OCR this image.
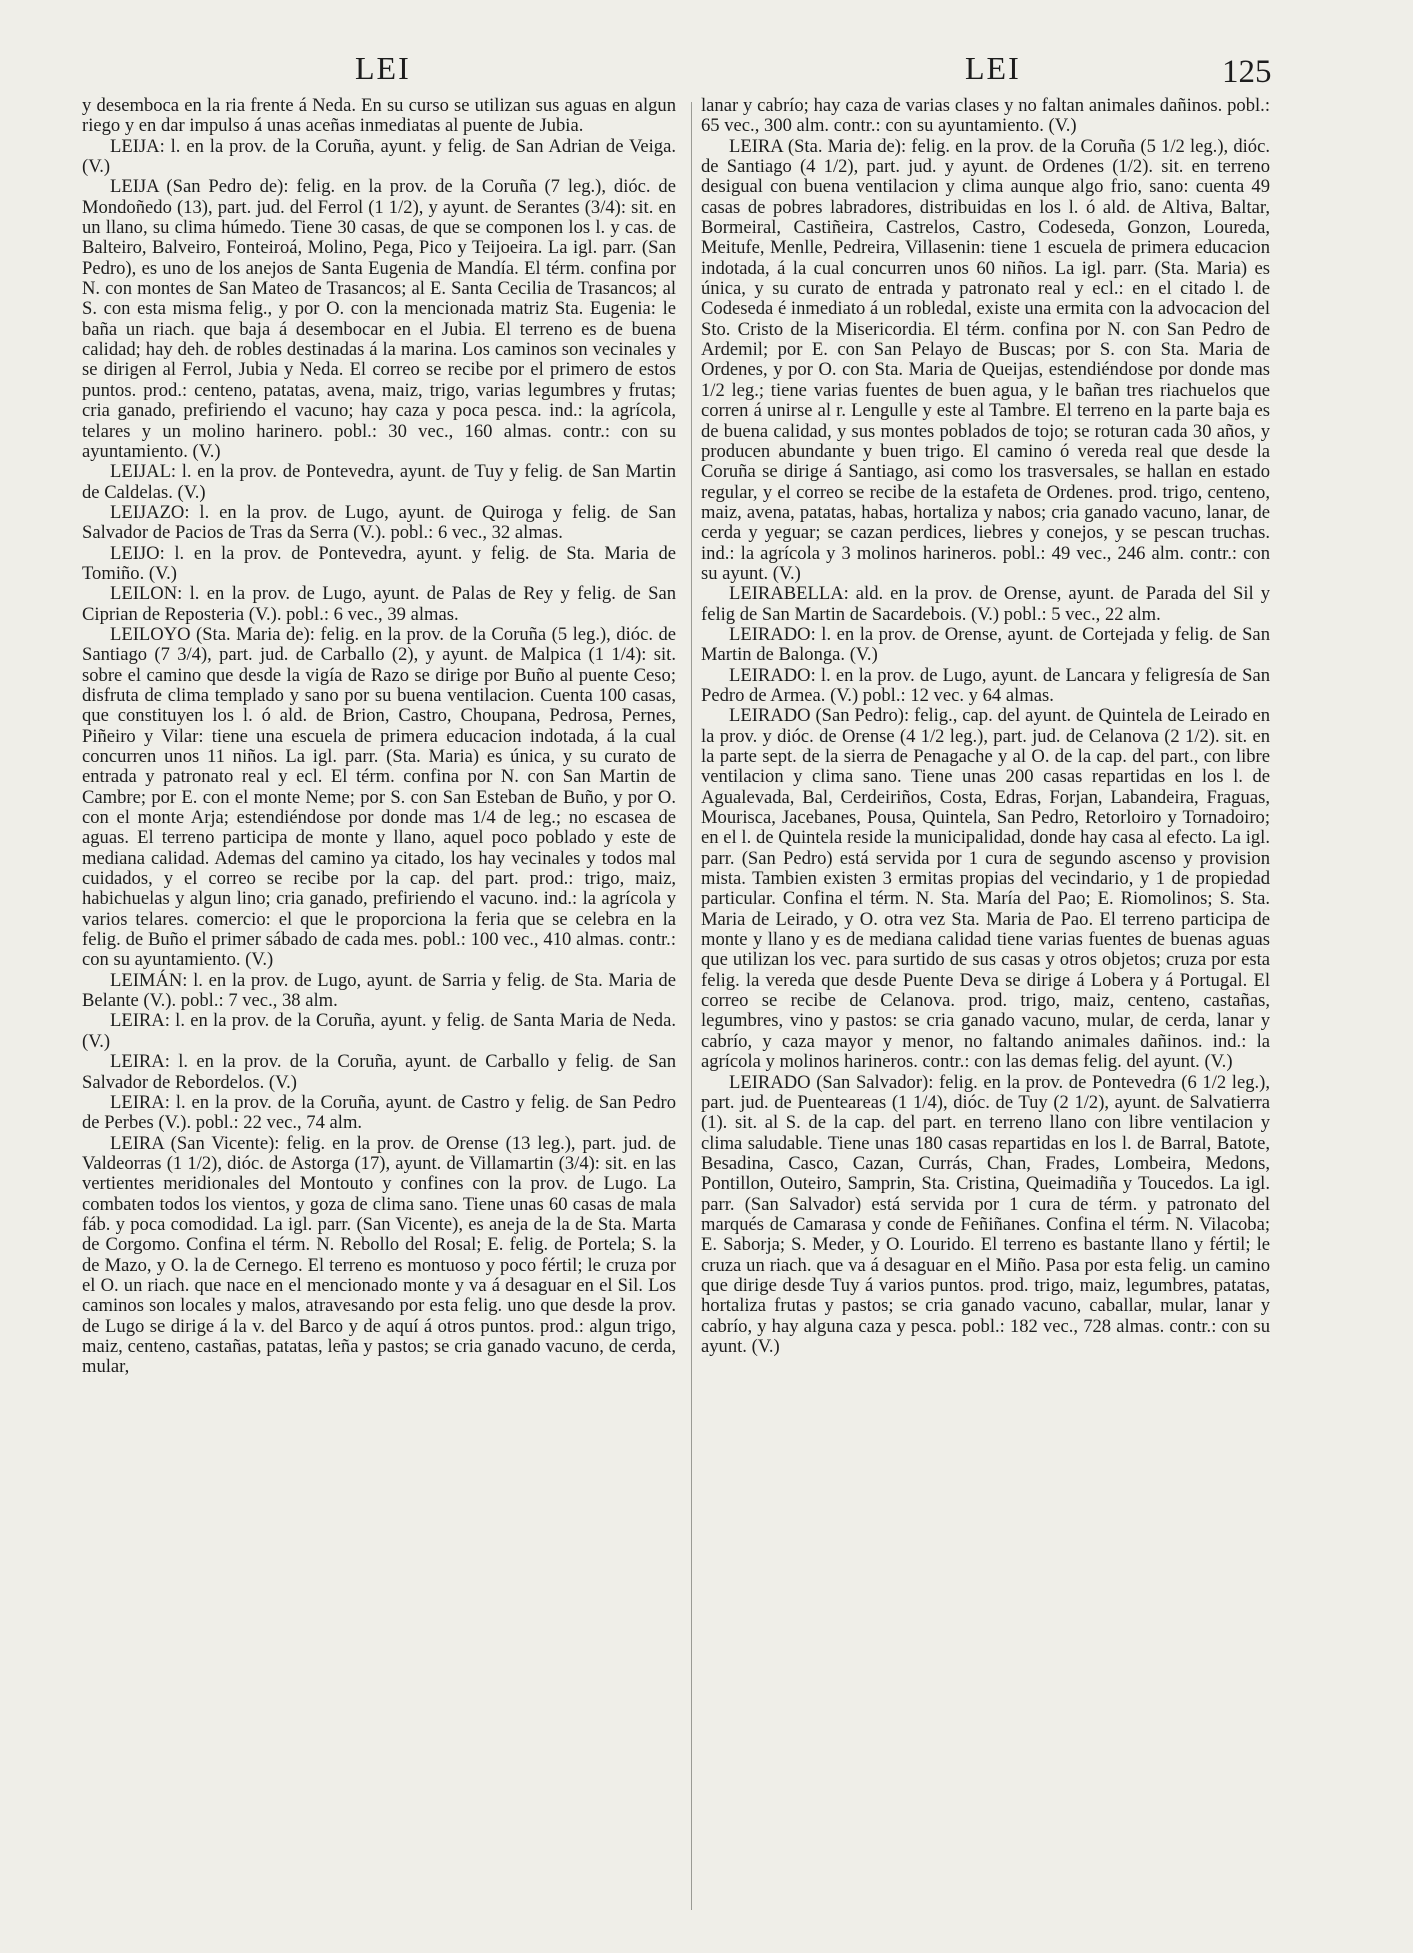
LEI	LEI	125

y desemboca en la ria frente á Neda. En su curso se utilizan sus aguas en algun riego y en dar impulso á unas aceñas inmediatas al puente de Jubia.

LEIJA: l. en la prov. de la Coruña, ayunt. y felig. de San Adrian de Veiga. (V.)

LEIJA (San Pedro de): felig. en la prov. de la Coruña (7 leg.), dióc. de Mondoñedo (13), part. jud. del Ferrol (1 1/2), y ayunt. de Serantes (3/4): sit. en un llano, su clima húmedo. Tiene 30 casas, de que se componen los l. y cas. de Balteiro, Balveiro, Fonteiroá, Molino, Pega, Pico y Teijoeira. La igl. parr. (San Pedro), es uno de los anejos de Santa Eugenia de Mandía. El térm. confina por N. con montes de San Mateo de Trasancos; al E. Santa Cecilia de Trasancos; al S. con esta misma felig., y por O. con la mencionada matriz Sta. Eugenia: le baña un riach. que baja á desembocar en el Jubia. El terreno es de buena calidad; hay deh. de robles destinadas á la marina. Los caminos son vecinales y se dirigen al Ferrol, Jubia y Neda. El correo se recibe por el primero de estos puntos. prod.: centeno, patatas, avena, maiz, trigo, varias legumbres y frutas; cria ganado, prefiriendo el vacuno; hay caza y poca pesca. ind.: la agrícola, telares y un molino harinero. pobl.: 30 vec., 160 almas. contr.: con su ayuntamiento. (V.)

LEIJAL: l. en la prov. de Pontevedra, ayunt. de Tuy y felig. de San Martin de Caldelas. (V.)

LEIJAZO: l. en la prov. de Lugo, ayunt. de Quiroga y felig. de San Salvador de Pacios de Tras da Serra (V.). pobl.: 6 vec., 32 almas.

LEIJO: l. en la prov. de Pontevedra, ayunt. y felig. de Sta. Maria de Tomiño. (V.)

LEILON: l. en la prov. de Lugo, ayunt. de Palas de Rey y felig. de San Ciprian de Reposteria (V.). pobl.: 6 vec., 39 almas.

LEILOYO (Sta. Maria de): felig. en la prov. de la Coruña (5 leg.), dióc. de Santiago (7 3/4), part. jud. de Carballo (2), y ayunt. de Malpica (1 1/4): sit. sobre el camino que desde la vigía de Razo se dirige por Buño al puente Ceso; disfruta de clima templado y sano por su buena ventilacion. Cuenta 100 casas, que constituyen los l. ó ald. de Brion, Castro, Choupana, Pedrosa, Pernes, Piñeiro y Vilar: tiene una escuela de primera educacion indotada, á la cual concurren unos 11 niños. La igl. parr. (Sta. Maria) es única, y su curato de entrada y patronato real y ecl. El térm. confina por N. con San Martin de Cambre; por E. con el monte Neme; por S. con San Esteban de Buño, y por O. con el monte Arja; estendiéndose por donde mas 1/4 de leg.; no escasea de aguas. El terreno participa de monte y llano, aquel poco poblado y este de mediana calidad. Ademas del camino ya citado, los hay vecinales y todos mal cuidados, y el correo se recibe por la cap. del part. prod.: trigo, maiz, habichuelas y algun lino; cria ganado, prefiriendo el vacuno. ind.: la agrícola y varios telares. comercio: el que le proporciona la feria que se celebra en la felig. de Buño el primer sábado de cada mes. pobl.: 100 vec., 410 almas. contr.: con su ayuntamiento. (V.)

LEIMÁN: l. en la prov. de Lugo, ayunt. de Sarria y felig. de Sta. Maria de Belante (V.). pobl.: 7 vec., 38 alm.

LEIRA: l. en la prov. de la Coruña, ayunt. y felig. de Santa Maria de Neda. (V.)

LEIRA: l. en la prov. de la Coruña, ayunt. de Carballo y felig. de San Salvador de Rebordelos. (V.)

LEIRA: l. en la prov. de la Coruña, ayunt. de Castro y felig. de San Pedro de Perbes (V.). pobl.: 22 vec., 74 alm.

LEIRA (San Vicente): felig. en la prov. de Orense (13 leg.), part. jud. de Valdeorras (1 1/2), dióc. de Astorga (17), ayunt. de Villamartin (3/4): sit. en las vertientes meridionales del Montouto y confines con la prov. de Lugo. La combaten todos los vientos, y goza de clima sano. Tiene unas 60 casas de mala fáb. y poca comodidad. La igl. parr. (San Vicente), es aneja de la de Sta. Marta de Corgomo. Confina el térm. N. Rebollo del Rosal; E. felig. de Portela; S. la de Mazo, y O. la de Cernego. El terreno es montuoso y poco fértil; le cruza por el O. un riach. que nace en el mencionado monte y va á desaguar en el Sil. Los caminos son locales y malos, atravesando por esta felig. uno que desde la prov. de Lugo se dirige á la v. del Barco y de aquí á otros puntos. prod.: algun trigo, maiz, centeno, castañas, patatas, leña y pastos; se cria ganado vacuno, de cerda, mular,

lanar y cabrío; hay caza de varias clases y no faltan animales dañinos. pobl.: 65 vec., 300 alm. contr.: con su ayuntamiento. (V.)

LEIRA (Sta. Maria de): felig. en la prov. de la Coruña (5 1/2 leg.), dióc. de Santiago (4 1/2), part. jud. y ayunt. de Ordenes (1/2). sit. en terreno desigual con buena ventilacion y clima aunque algo frio, sano: cuenta 49 casas de pobres labradores, distribuidas en los l. ó ald. de Altiva, Baltar, Bormeiral, Castiñeira, Castrelos, Castro, Codeseda, Gonzon, Loureda, Meitufe, Menlle, Pedreira, Villasenin: tiene 1 escuela de primera educacion indotada, á la cual concurren unos 60 niños. La igl. parr. (Sta. Maria) es única, y su curato de entrada y patronato real y ecl.: en el citado l. de Codeseda é inmediato á un robledal, existe una ermita con la advocacion del Sto. Cristo de la Misericordia. El térm. confina por N. con San Pedro de Ardemil; por E. con San Pelayo de Buscas; por S. con Sta. Maria de Ordenes, y por O. con Sta. Maria de Queijas, estendiéndose por donde mas 1/2 leg.; tiene varias fuentes de buen agua, y le bañan tres riachuelos que corren á unirse al r. Lengulle y este al Tambre. El terreno en la parte baja es de buena calidad, y sus montes poblados de tojo; se roturan cada 30 años, y producen abundante y buen trigo. El camino ó vereda real que desde la Coruña se dirige á Santiago, asi como los trasversales, se hallan en estado regular, y el correo se recibe de la estafeta de Ordenes. prod. trigo, centeno, maiz, avena, patatas, habas, hortaliza y nabos; cria ganado vacuno, lanar, de cerda y yeguar; se cazan perdices, liebres y conejos, y se pescan truchas. ind.: la agrícola y 3 molinos harineros. pobl.: 49 vec., 246 alm. contr.: con su ayunt. (V.)

LEIRABELLA: ald. en la prov. de Orense, ayunt. de Parada del Sil y felig de San Martin de Sacardebois. (V.) pobl.: 5 vec., 22 alm.

LEIRADO: l. en la prov. de Orense, ayunt. de Cortejada y felig. de San Martin de Balonga. (V.)

LEIRADO: l. en la prov. de Lugo, ayunt. de Lancara y feligresía de San Pedro de Armea. (V.) pobl.: 12 vec. y 64 almas.

LEIRADO (San Pedro): felig., cap. del ayunt. de Quintela de Leirado en la prov. y dióc. de Orense (4 1/2 leg.), part. jud. de Celanova (2 1/2). sit. en la parte sept. de la sierra de Penagache y al O. de la cap. del part., con libre ventilacion y clima sano. Tiene unas 200 casas repartidas en los l. de Agualevada, Bal, Cerdeiriños, Costa, Edras, Forjan, Labandeira, Fraguas, Mourisca, Jacebanes, Pousa, Quintela, San Pedro, Retorloiro y Tornadoiro; en el l. de Quintela reside la municipalidad, donde hay casa al efecto. La igl. parr. (San Pedro) está servida por 1 cura de segundo ascenso y provision mista. Tambien existen 3 ermitas propias del vecindario, y 1 de propiedad particular. Confina el térm. N. Sta. María del Pao; E. Riomolinos; S. Sta. Maria de Leirado, y O. otra vez Sta. Maria de Pao. El terreno participa de monte y llano y es de mediana calidad tiene varias fuentes de buenas aguas que utilizan los vec. para surtido de sus casas y otros objetos; cruza por esta felig. la vereda que desde Puente Deva se dirige á Lobera y á Portugal. El correo se recibe de Celanova. prod. trigo, maiz, centeno, castañas, legumbres, vino y pastos: se cria ganado vacuno, mular, de cerda, lanar y cabrío, y caza mayor y menor, no faltando animales dañinos. ind.: la agrícola y molinos harineros. contr.: con las demas felig. del ayunt. (V.)

LEIRADO (San Salvador): felig. en la prov. de Pontevedra (6 1/2 leg.), part. jud. de Puenteareas (1 1/4), dióc. de Tuy (2 1/2), ayunt. de Salvatierra (1). sit. al S. de la cap. del part. en terreno llano con libre ventilacion y clima saludable. Tiene unas 180 casas repartidas en los l. de Barral, Batote, Besadina, Casco, Cazan, Currás, Chan, Frades, Lombeira, Medons, Pontillon, Outeiro, Samprin, Sta. Cristina, Queimadiña y Toucedos. La igl. parr. (San Salvador) está servida por 1 cura de térm. y patronato del marqués de Camarasa y conde de Feñiñanes. Confina el térm. N. Vilacoba; E. Saborja; S. Meder, y O. Lourido. El terreno es bastante llano y fértil; le cruza un riach. que va á desaguar en el Miño. Pasa por esta felig. un camino que dirige desde Tuy á varios puntos. prod. trigo, maiz, legumbres, patatas, hortaliza frutas y pastos; se cria ganado vacuno, caballar, mular, lanar y cabrío, y hay alguna caza y pesca. pobl.: 182 vec., 728 almas. contr.: con su ayunt. (V.)
